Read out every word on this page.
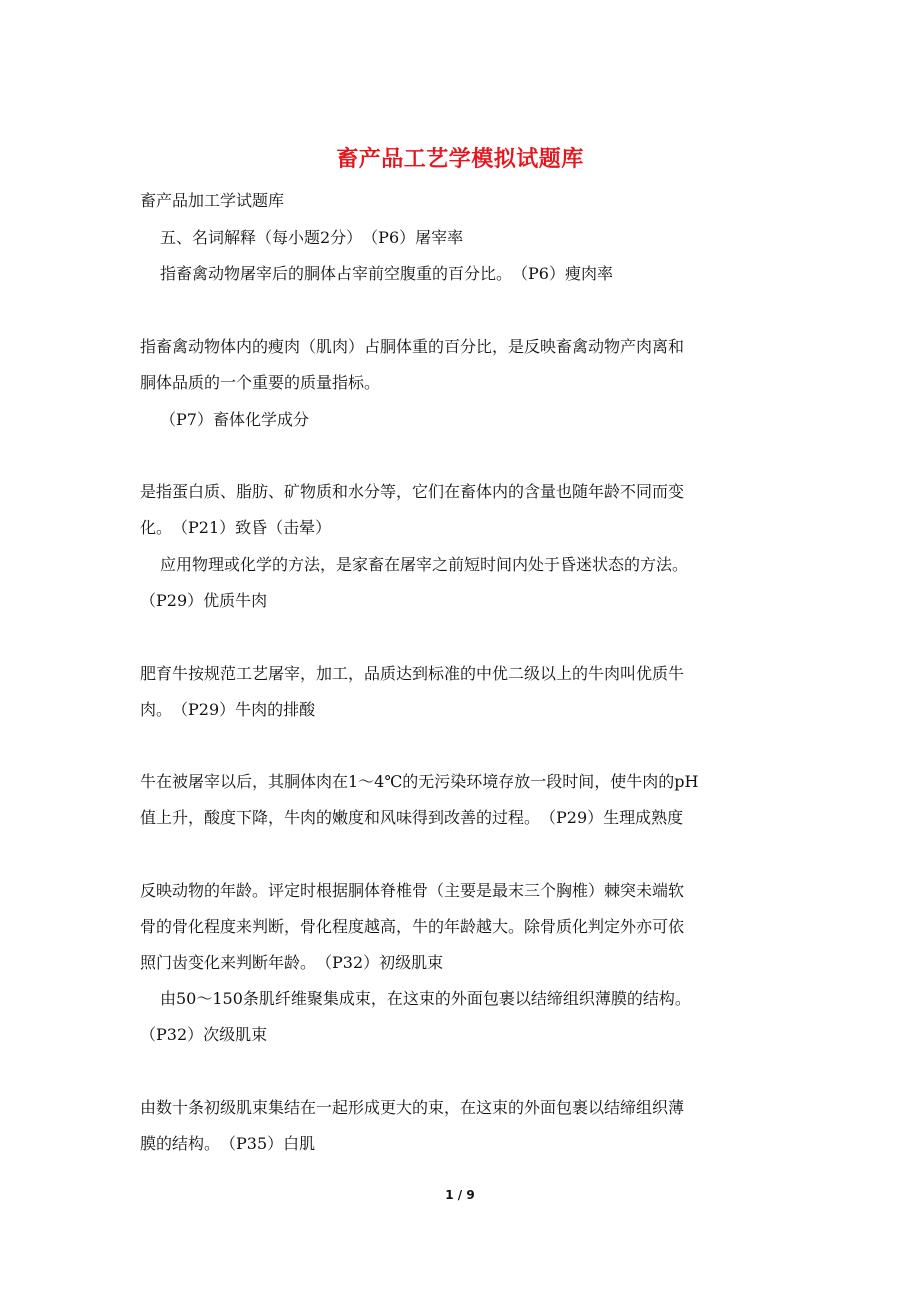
畜产品工艺学模拟试题库
畜产品加工学试题库
五、名词解释（每小题2分）　（P6）屠宰率
指畜禽动物屠宰后的胴体占宰前空腹重的百分比。　（P6）瘦肉率
指畜禽动物体内的瘦肉（肌肉）占胴体重的百分比，是反映畜禽动物产肉离和
胴体品质的一个重要的质量指标。
（P7）畜体化学成分
是指蛋白质、脂肪、矿物质和水分等，它们在畜体内的含量也随年龄不同而变
化。　（P21）致昏（击晕）
应用物理或化学的方法，是家畜在屠宰之前短时间内处于昏迷状态的方法。
（P29）优质牛肉
肥育牛按规范工艺屠宰，加工，品质达到标准的中优二级以上的牛肉叫优质牛
肉。　（P29）牛肉的排酸
牛在被屠宰以后，其胴体肉在1～4℃的无污染环境存放一段时间，使牛肉的pH
值上升，酸度下降，牛肉的嫩度和风味得到改善的过程。　（P29）生理成熟度
反映动物的年龄。评定时根据胴体脊椎骨（主要是最末三个胸椎）棘突未端软
骨的骨化程度来判断，骨化程度越高，牛的年龄越大。除骨质化判定外亦可依
照门齿变化来判断年龄。　（P32）初级肌束
由50～150条肌纤维聚集成束，在这束的外面包裹以结缔组织薄膜的结构。
（P32）次级肌束
由数十条初级肌束集结在一起形成更大的束，在这束的外面包裹以结缔组织薄
膜的结构。　（P35）白肌
1 / 9
